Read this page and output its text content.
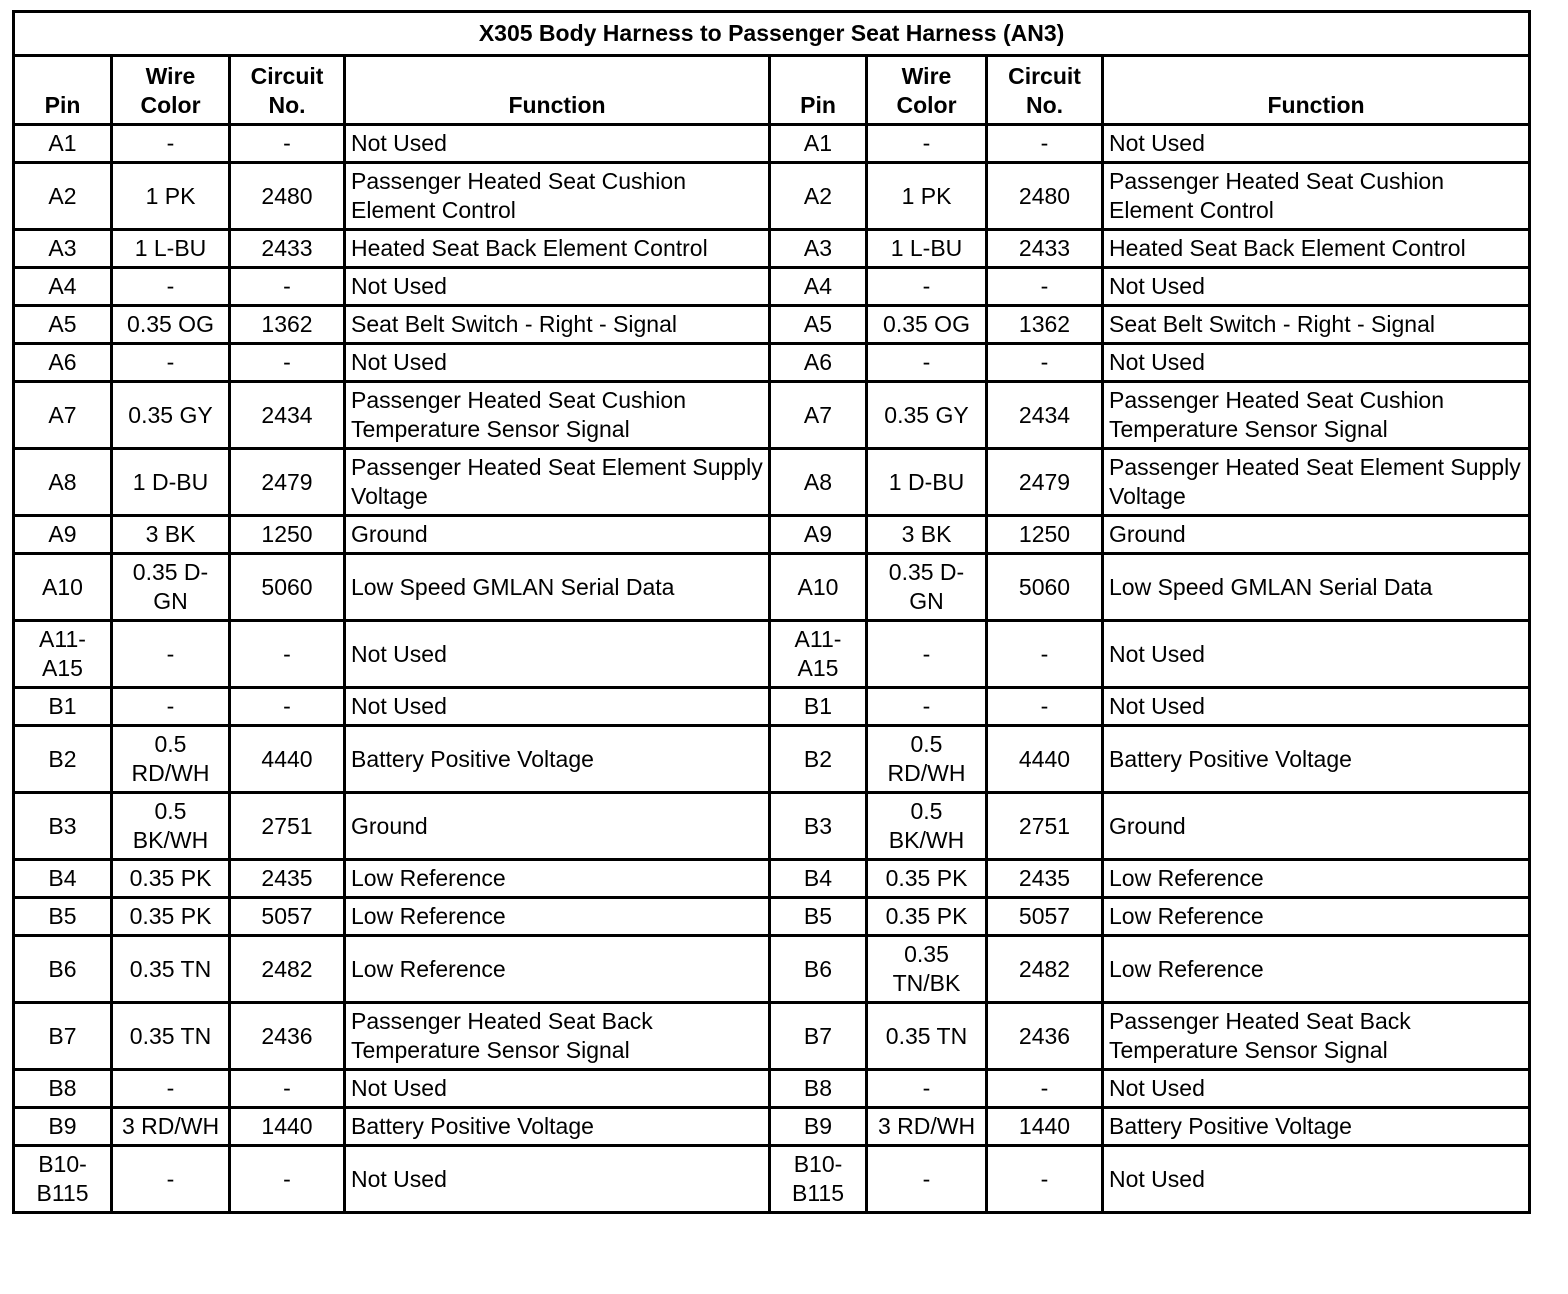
X305 Body Harness to Passenger Seat Harness (AN3)							
Pin	Wire Color	Circuit No.	Function	Pin	Wire Color	Circuit No.	Function
A1	-	-	Not Used	A1	-	-	Not Used
A2	1 PK	2480	Passenger Heated Seat Cushion Element Control	A2	1 PK	2480	Passenger Heated Seat Cushion Element Control
A3	1 L-BU	2433	Heated Seat Back Element Control	A3	1 L-BU	2433	Heated Seat Back Element Control
A4	-	-	Not Used	A4	-	-	Not Used
A5	0.35 OG	1362	Seat Belt Switch - Right - Signal	A5	0.35 OG	1362	Seat Belt Switch - Right - Signal
A6	-	-	Not Used	A6	-	-	Not Used
A7	0.35 GY	2434	Passenger Heated Seat Cushion Temperature Sensor Signal	A7	0.35 GY	2434	Passenger Heated Seat Cushion Temperature Sensor Signal
A8	1 D-BU	2479	Passenger Heated Seat Element Supply Voltage	A8	1 D-BU	2479	Passenger Heated Seat Element Supply Voltage
A9	3 BK	1250	Ground	A9	3 BK	1250	Ground
A10	0.35 D-GN	5060	Low Speed GMLAN Serial Data	A10	0.35 D-GN	5060	Low Speed GMLAN Serial Data
A11-A15	-	-	Not Used	A11-A15	-	-	Not Used
B1	-	-	Not Used	B1	-	-	Not Used
B2	0.5 RD/WH	4440	Battery Positive Voltage	B2	0.5 RD/WH	4440	Battery Positive Voltage
B3	0.5 BK/WH	2751	Ground	B3	0.5 BK/WH	2751	Ground
B4	0.35 PK	2435	Low Reference	B4	0.35 PK	2435	Low Reference
B5	0.35 PK	5057	Low Reference	B5	0.35 PK	5057	Low Reference
B6	0.35 TN	2482	Low Reference	B6	0.35 TN/BK	2482	Low Reference
B7	0.35 TN	2436	Passenger Heated Seat Back Temperature Sensor Signal	B7	0.35 TN	2436	Passenger Heated Seat Back Temperature Sensor Signal
B8	-	-	Not Used	B8	-	-	Not Used
B9	3 RD/WH	1440	Battery Positive Voltage	B9	3 RD/WH	1440	Battery Positive Voltage
B10-B115	-	-	Not Used	B10-B115	-	-	Not Used
